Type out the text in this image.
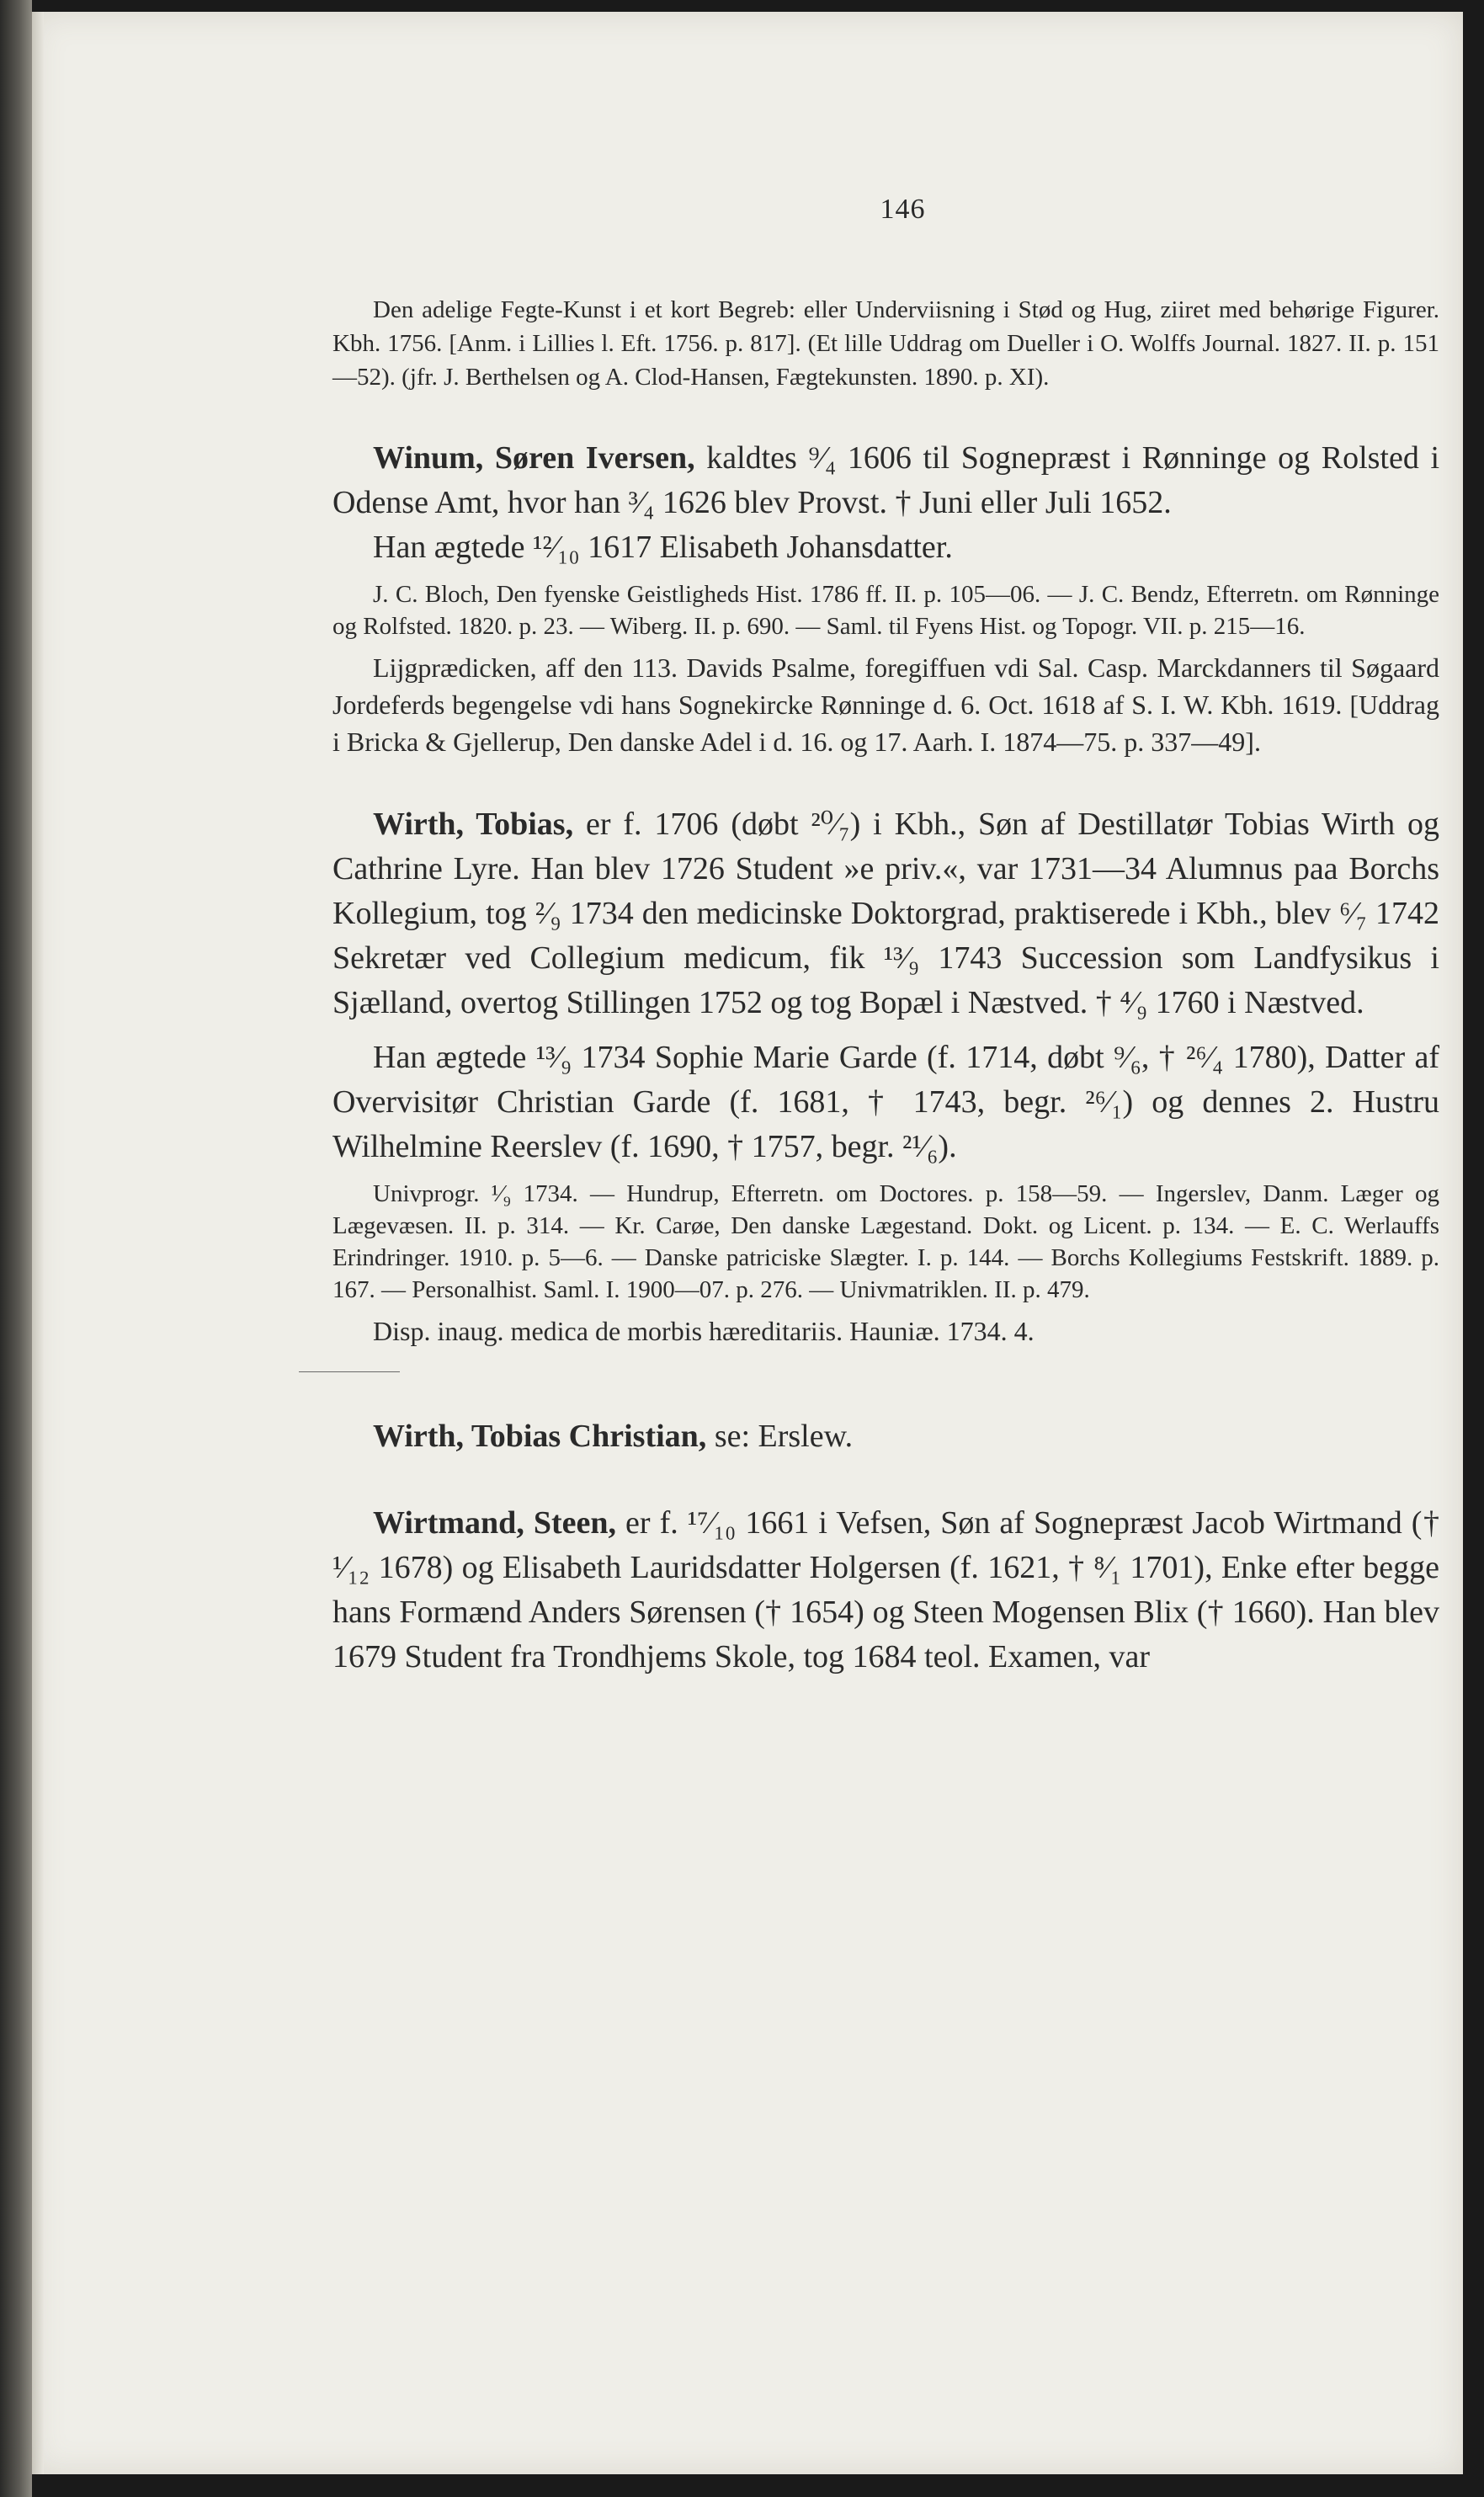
146

Den adelige Fegte-Kunst i et kort Begreb: eller Underviisning i Stød og Hug, ziiret med behørige Figurer. Kbh. 1756. [Anm. i Lillies l. Eft. 1756. p. 817]. (Et lille Uddrag om Dueller i O. Wolffs Journal. 1827. II. p. 151—52). (jfr. J. Berthelsen og A. Clod-Hansen, Fægtekunsten. 1890. p. XI).

Winum, Søren Iversen, kaldtes ⁹⁄₄ 1606 til Sognepræst i Rønninge og Rolsted i Odense Amt, hvor han ³⁄₄ 1626 blev Provst. † Juni eller Juli 1652.

Han ægtede ¹²⁄₁₀ 1617 Elisabeth Johansdatter.

J. C. Bloch, Den fyenske Geistligheds Hist. 1786 ff. II. p. 105—06. — J. C. Bendz, Efterretn. om Rønninge og Rolfsted. 1820. p. 23. — Wiberg. II. p. 690. — Saml. til Fyens Hist. og Topogr. VII. p. 215—16.

Lijgprædicken, aff den 113. Davids Psalme, foregiffuen vdi Sal. Casp. Marckdanners til Søgaard Jordeferds begengelse vdi hans Sognekircke Rønninge d. 6. Oct. 1618 af S. I. W. Kbh. 1619. [Uddrag i Bricka & Gjellerup, Den danske Adel i d. 16. og 17. Aarh. I. 1874—75. p. 337—49].

Wirth, Tobias, er f. 1706 (døbt ²⁰⁄₇) i Kbh., Søn af Destillatør Tobias Wirth og Cathrine Lyre. Han blev 1726 Student »e priv.«, var 1731—34 Alumnus paa Borchs Kollegium, tog ²⁄₉ 1734 den medicinske Doktorgrad, praktiserede i Kbh., blev ⁶⁄₇ 1742 Sekretær ved Collegium medicum, fik ¹³⁄₉ 1743 Succession som Landfysikus i Sjælland, overtog Stillingen 1752 og tog Bopæl i Næstved. † ⁴⁄₉ 1760 i Næstved.

Han ægtede ¹³⁄₉ 1734 Sophie Marie Garde (f. 1714, døbt ⁹⁄₆, † ²⁶⁄₄ 1780), Datter af Overvisitør Christian Garde (f. 1681, † 1743, begr. ²⁶⁄₁) og dennes 2. Hustru Wilhelmine Reerslev (f. 1690, † 1757, begr. ²¹⁄₆).

Univprogr. ¹⁄₉ 1734. — Hundrup, Efterretn. om Doctores. p. 158—59. — Ingerslev, Danm. Læger og Lægevæsen. II. p. 314. — Kr. Carøe, Den danske Lægestand. Dokt. og Licent. p. 134. — E. C. Werlauffs Erindringer. 1910. p. 5—6. — Danske patriciske Slægter. I. p. 144. — Borchs Kollegiums Festskrift. 1889. p. 167. — Personalhist. Saml. I. 1900—07. p. 276. — Univmatriklen. II. p. 479.

Disp. inaug. medica de morbis hæreditariis. Hauniæ. 1734. 4.

Wirth, Tobias Christian, se: Erslew.

Wirtmand, Steen, er f. ¹⁷⁄₁₀ 1661 i Vefsen, Søn af Sognepræst Jacob Wirtmand († ¹⁄₁₂ 1678) og Elisabeth Lauridsdatter Holgersen (f. 1621, † ⁸⁄₁ 1701), Enke efter begge hans Formænd Anders Sørensen († 1654) og Steen Mogensen Blix († 1660). Han blev 1679 Student fra Trondhjems Skole, tog 1684 teol. Examen, var
